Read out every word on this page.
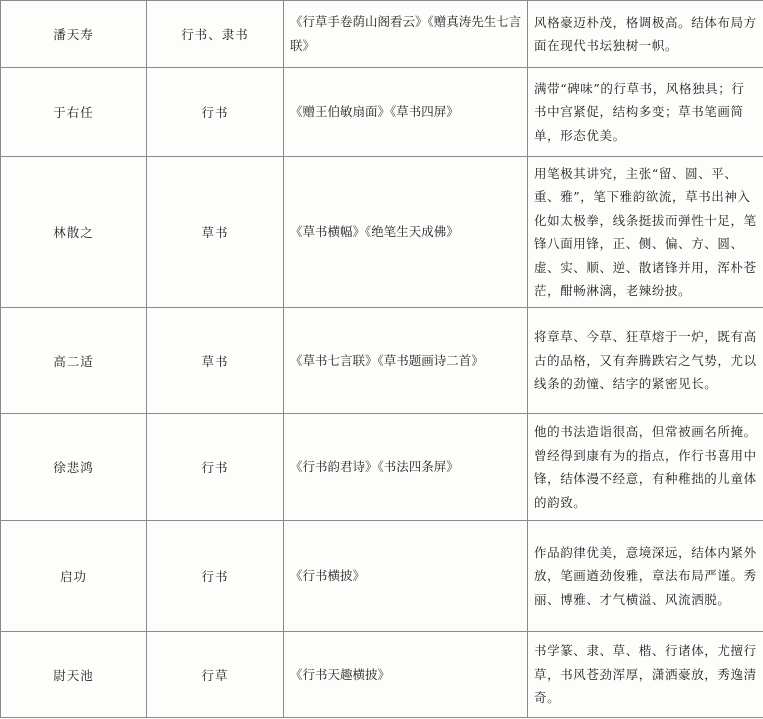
潘天寿	行书、隶书	《行草手卷荫山阁看云》《赠真涛先生七言联》	风格豪迈朴茂，格调极高。结体布局方面在现代书坛独树一帜。
于右任	行书	《赠王伯敏扇面》《草书四屏》	满带“碑味”的行草书，风格独具；行书中宫紧促，结构多变；草书笔画简单，形态优美。
林散之	草书	《草书横幅》《绝笔生天成佛》	用笔极其讲究，主张“留、圆、平、重、雅”，笔下雅韵欲流，草书出神入化如太极拳，线条挺拔而弹性十足，笔锋八面用锋，正、侧、偏、方、圆、虚、实、顺、逆、散诸锋并用，浑朴苍茫，酣畅淋漓，老辣纷披。
高二适	草书	《草书七言联》《草书题画诗二首》	将章草、今草、狂草熔于一炉，既有高古的品格，又有奔腾跌宕之气势，尤以线条的劲憧、结字的紧密见长。
徐悲鸿	行书	《行书韵君诗》《书法四条屏》	他的书法造诣很高，但常被画名所掩。曾经得到康有为的指点，作行书喜用中锋，结体漫不经意，有种稚拙的儿童体的韵致。
启功	行书	《行书横披》	作品韵律优美，意境深远，结体内紧外放，笔画遒劲俊雅，章法布局严谨。秀丽、博雅、才气横溢、风流洒脱。
尉天池	行草	《行书天趣横披》	书学篆、隶、草、楷、行诸体，尤擅行草，书风苍劲浑厚，潇洒豪放，秀逸清奇。
